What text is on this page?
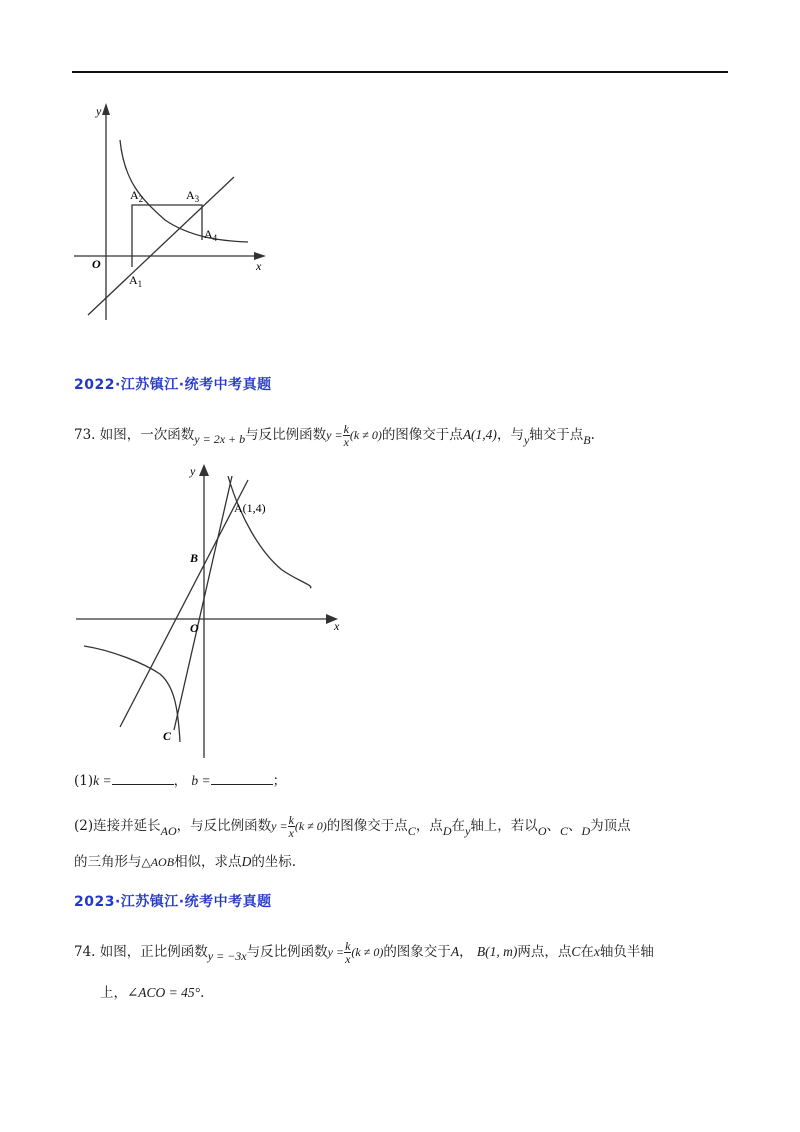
y
x
O
$A_2$	$A_3$
$A_4$
$A_1$
2022·江苏镇江·统考中考真题
73. 如图，一次函数y = 2x + b与反比例函数$y = \frac{k}{x} (k \ne 0)$的图像交于点A(1,4)，与y轴交于点B.
y
x
O
A(1,4)
B
C
(1)k =	， b =	；
(2)连接并延长AO，与反比例函数$y = \frac{k}{x} (k \ne 0)$的图像交于点C，点D在y轴上，若以O、C、D为顶点
的三角形与△AOB相似，求点D的坐标.
2023·江苏镇江·统考中考真题
74. 如图，正比例函数y = −3x与反比例函数$y = \frac{k}{x} (k \ne 0)$的图象交于A， B(1, m)两点，点C在x轴负半轴
上，∠ACO = 45°.
